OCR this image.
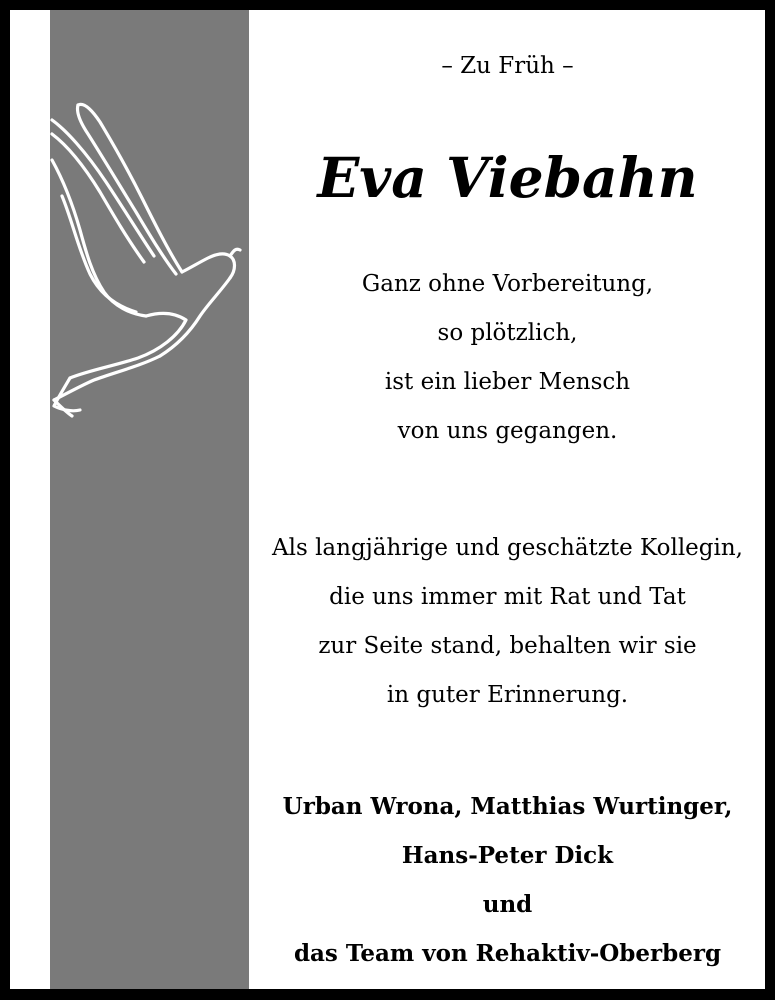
– Zu Früh –
Eva Viebahn
Ganz ohne Vorbereitung,
so plötzlich,
ist ein lieber Mensch
von uns gegangen.
Als langjährige und geschätzte Kollegin,
die uns immer mit Rat und Tat
zur Seite stand, behalten wir sie
in guter Erinnerung.
Urban Wrona, Matthias Wurtinger,
Hans-Peter Dick
und
das Team von Rehaktiv-Oberberg
